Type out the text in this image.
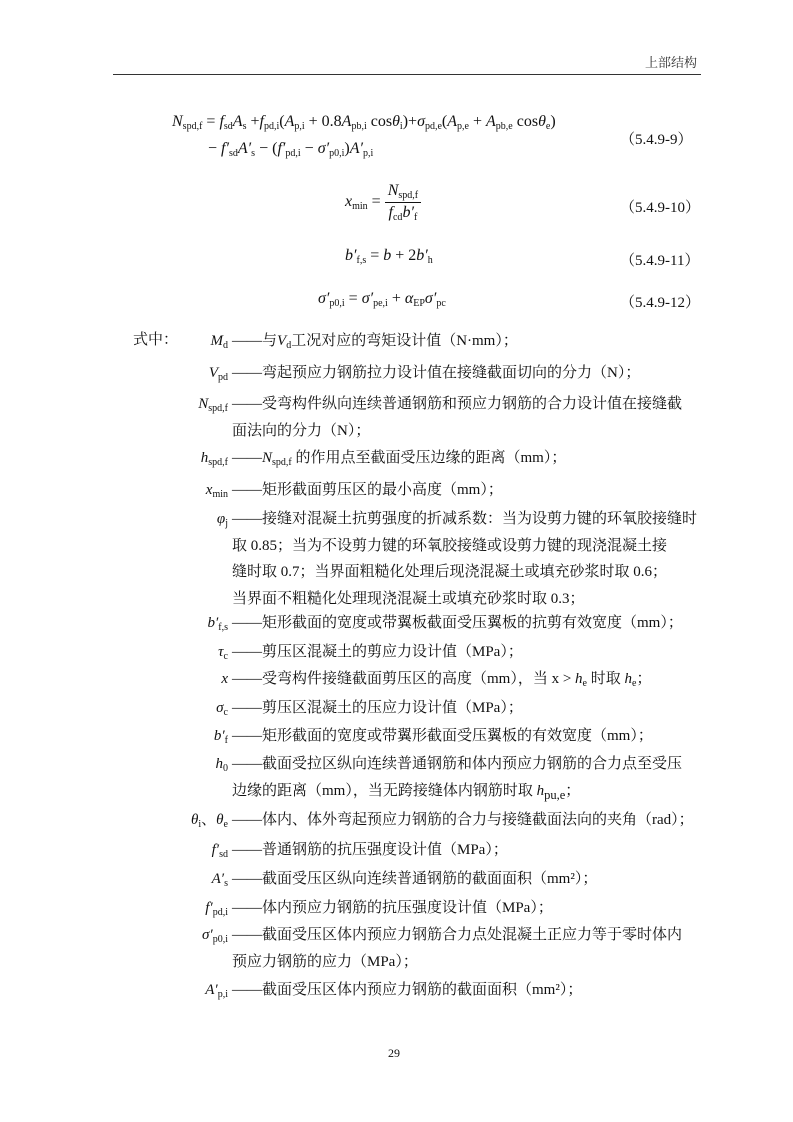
上部结构
$N_{spd,f} = f_{sd}A_s +f_{pd,i}(A_{p,i} + 0.8A_{pb,i}$ $\cos\theta_i)+\sigma_{pd,e}(A_{p,e} + A_{pb,e}$ cosθ$_e$)
− $f'_{sd}A'_s - (f'_{pd,i} - \sigma'_{p0,i})A'_{p,i}$
（5.4.9-9）
$x_{min} = \frac{N_{spd,f}}{f_{cd}b'_f}$	（5.4.9-10）
$b'_{f,s} = b + 2b'_h$	（5.4.9-11）
$\sigma'_{p0,i} = \sigma'_{pe,i} + \alpha_{EP}\sigma'_{pc}$	（5.4.9-12）
式中： $M_d$ ——与$V_d$工况对应的弯矩设计值（N·mm）；
$V_{pd}$ ——弯起预应力钢筋拉力设计值在接缝截面切向的分力（N）；
$N_{spd,f}$ ——受弯构件纵向连续普通钢筋和预应力钢筋的合力设计值在接缝截
面法向的分力（N）；
$h_{spd,f}$ $——N_{spd,f}$ 的作用点至截面受压边缘的距离（mm）；
$x_{min}$ ——矩形截面剪压区的最小高度（mm）；
$\varphi_j$ ——接缝对混凝土抗剪强度的折减系数：当为设剪力键的环氧胶接缝时
取 0.85；当为不设剪力键的环氧胶接缝或设剪力键的现浇混凝土接
缝时取 0.7；当界面粗糙化处理后现浇混凝土或填充砂浆时取 0.6；
当界面不粗糙化处理现浇混凝土或填充砂浆时取 0.3；
$b'_{f,s}$ ——矩形截面的宽度或带翼板截面受压翼板的抗剪有效宽度（mm）；
$\tau_c$ ——剪压区混凝土的剪应力设计值（MPa）；
x ——受弯构件接缝截面剪压区的高度（mm），当 $x > h_e$ 时取 $h_e$；
$\sigma_c$ ——剪压区混凝土的压应力设计值（MPa）；
$b'_f$ ——矩形截面的宽度或带翼形截面受压翼板的有效宽度（mm）；
$h_0$ ——截面受拉区纵向连续普通钢筋和体内预应力钢筋的合力点至受压
边缘的距离（mm），当无跨接缝体内钢筋时取 $h_{pu,e}$；
$\theta_i$、$\theta_e$ ——体内、体外弯起预应力钢筋的合力与接缝截面法向的夹角（rad）；
$f'_{sd}$ ——普通钢筋的抗压强度设计值（MPa）；
$A'_s$ ——截面受压区纵向连续普通钢筋的截面面积（mm²）；
$f'_{pd,i}$ ——体内预应力钢筋的抗压强度设计值（MPa）；
$\sigma'_{p0,i}$ ——截面受压区体内预应力钢筋合力点处混凝土正应力等于零时体内
预应力钢筋的应力（MPa）；
$A'_{p,i}$ ——截面受压区体内预应力钢筋的截面面积（mm²）；
29
